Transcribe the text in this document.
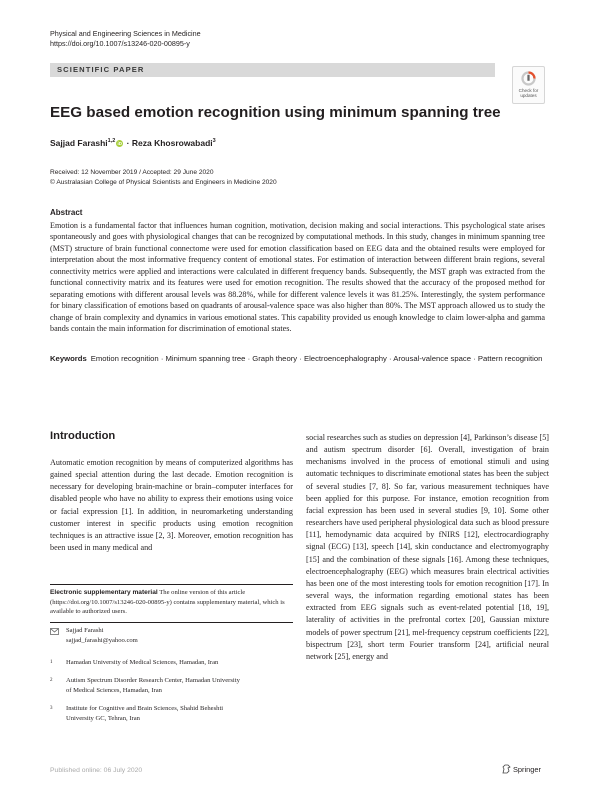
Physical and Engineering Sciences in Medicine
https://doi.org/10.1007/s13246-020-00895-y
SCIENTIFIC PAPER
Check for
updates
EEG based emotion recognition using minimum spanning tree
Sajjad Farashi$^{1,2}$ iD · Reza Khosrowabadi$^3$
Received: 12 November 2019 / Accepted: 29 June 2020
© Australasian College of Physical Scientists and Engineers in Medicine 2020
Abstract
Emotion is a fundamental factor that influences human cognition, motivation, decision making and social interactions. This psychological state arises spontaneously and goes with physiological changes that can be recognized by computational methods. In this study, changes in minimum spanning tree (MST) structure of brain functional connectome were used for emotion classification based on EEG data and the obtained results were employed for interpretation about the most informative frequency content of emotional states. For estimation of interaction between different brain regions, several connectivity metrics were applied and interactions were calculated in different frequency bands. Subsequently, the MST graph was extracted from the functional connectivity matrix and its features were used for emotion recognition. The results showed that the accuracy of the proposed method for separating emotions with different arousal levels was 88.28%, while for different valence levels it was 81.25%. Interestingly, the system performance for binary classification of emotions based on quadrants of arousal-valence space was also higher than 80%. The MST approach allowed us to study the change of brain complexity and dynamics in various emotional states. This capability provided us enough knowledge to claim lower-alpha and gamma bands contain the main information for discrimination of emotional states.
Keywords Emotion recognition · Minimum spanning tree · Graph theory · Electroencephalography · Arousal-valence space · Pattern recognition
Introduction
Automatic emotion recognition by means of computerized algorithms has gained special attention during the last decade. Emotion recognition is necessary for developing brain-machine or brain–computer interfaces for disabled people who have no ability to express their emotions using voice or facial expression [1]. In addition, in neuromarketing understanding customer interest in specific products using emotion recognition techniques is an attractive issue [2, 3]. Moreover, emotion recognition has been used in many medical and
social researches such as studies on depression [4], Parkinson’s disease [5] and autism spectrum disorder [6]. Overall, investigation of brain mechanisms involved in the process of emotional stimuli and using automatic techniques to discriminate emotional states has been the subject of several studies [7, 8]. So far, various measurement techniques have been applied for this purpose. For instance, emotion recognition from facial expression has been used in several studies [9, 10]. Some other researchers have used peripheral physiological data such as blood pressure [11], hemodynamic data acquired by fNIRS [12], electrocardiography signal (ECG) [13], speech [14], skin conductance and electromyography [15] and the combination of these signals [16]. Among these techniques, electroencephalography (EEG) which measures brain electrical activities has been one of the most interesting tools for emotion recognition [17]. In several ways, the information regarding emotional states has been extracted from EEG signals such as event-related potential [18, 19], laterality of activities in the prefrontal cortex [20], Gaussian mixture models of power spectrum [21], mel-frequency cepstrum coefficients [22], bispectrum [23], short term Fourier transform [24], artificial neural network [25], energy and
Electronic supplementary material The online version of this article (https://doi.org/10.1007/s13246-020-00895-y) contains supplementary material, which is available to authorized users.
Sajjad Farashi
sajjad_farashi@yahoo.com
1 Hamadan University of Medical Sciences, Hamadan, Iran
2 Autism Spectrum Disorder Research Center, Hamadan University of Medical Sciences, Hamadan, Iran
3 Institute for Cognitive and Brain Sciences, Shahid Beheshti University GC, Tehran, Iran
Published online: 06 July 2020	Springer
